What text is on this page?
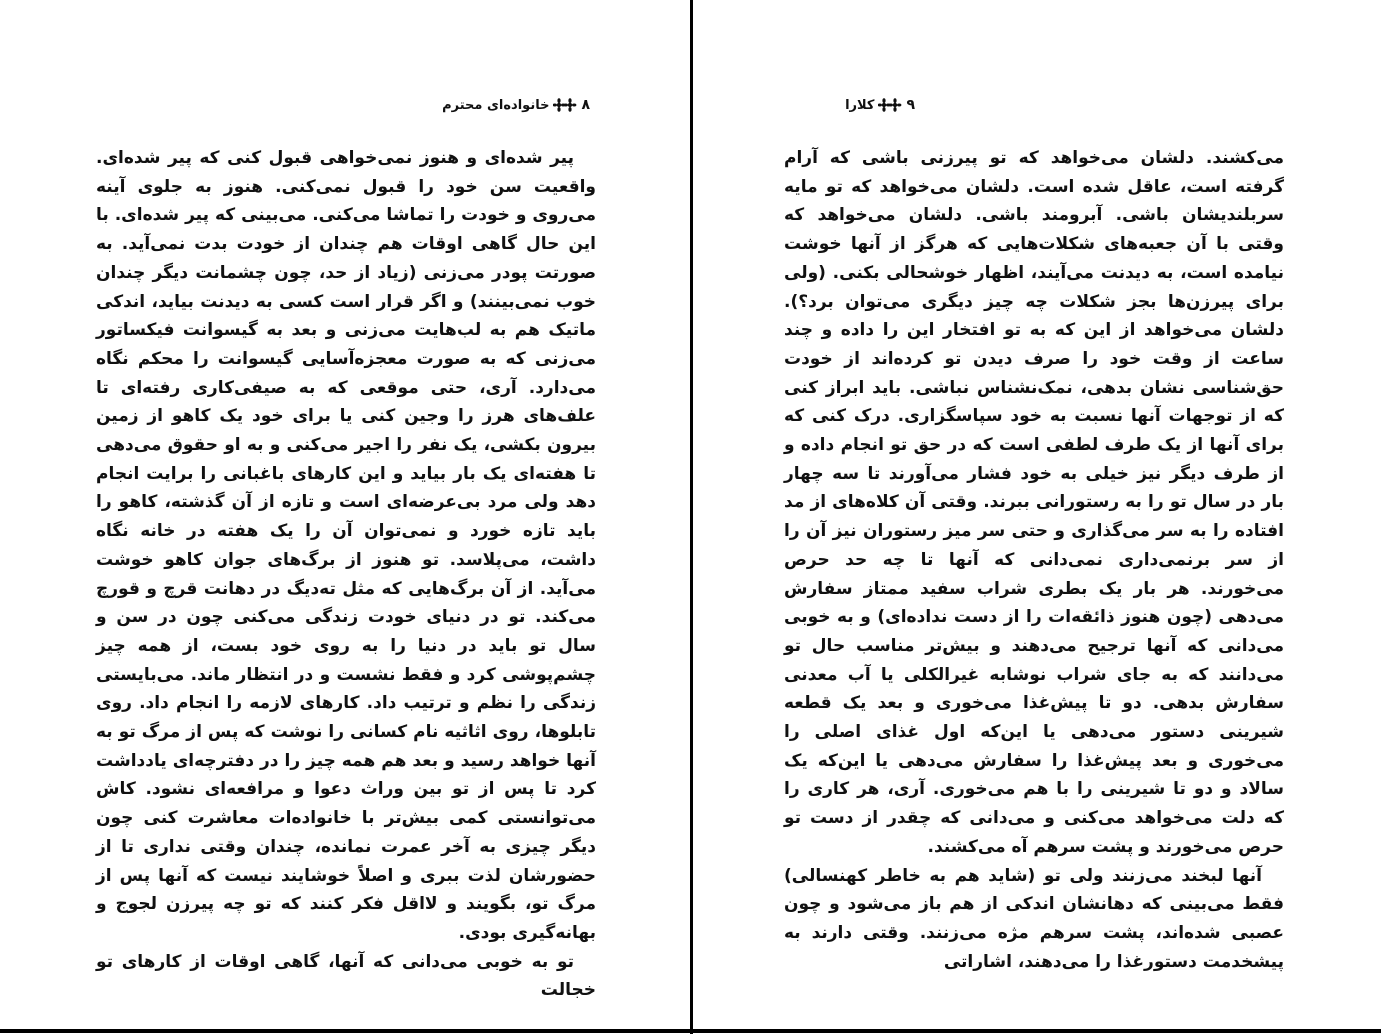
۸
خانواده‌ای محترم

پیر شده‌ای و هنوز نمی‌خواهی قبول کنی که پیر شده‌ای. واقعیت سن خود را قبول نمی‌کنی. هنوز به جلوی آینه می‌روی و خودت را تماشا می‌کنی. می‌بینی که پیر شده‌ای. با این حال گاهی اوقات هم چندان از خودت بدت نمی‌آید. به صورتت پودر می‌زنی (زیاد از حد، چون چشمانت دیگر چندان خوب نمی‌بینند) و اگر قرار است کسی به دیدنت بیاید، اندکی ماتیک هم به لب‌هایت می‌زنی و بعد به گیسوانت فیکساتور می‌زنی که به صورت معجزه‌آسایی گیسوانت را محکم نگاه می‌دارد. آری، حتی موقعی که به صیفی‌کاری رفته‌ای تا علف‌های هرز را وجین کنی یا برای خود یک کاهو از زمین بیرون بکشی، یک نفر را اجیر می‌کنی و به او حقوق می‌دهی تا هفته‌ای یک بار بیاید و این کارهای باغبانی را برایت انجام دهد ولی مرد بی‌عرضه‌ای است و تازه از آن گذشته، کاهو را باید تازه خورد و نمی‌توان آن را یک هفته در خانه نگاه داشت، می‌پلاسد. تو هنوز از برگ‌های جوان کاهو خوشت می‌آید. از آن برگ‌هایی که مثل ته‌دیگ در دهانت قرچ و قورچ می‌کند. تو در دنیای خودت زندگی می‌کنی چون در سن و سال تو باید در دنیا را به روی خود بست، از همه چیز چشم‌پوشی کرد و فقط نشست و در انتظار ماند. می‌بایستی زندگی را نظم و ترتیب داد. کارهای لازمه را انجام داد. روی تابلوها، روی اثاثیه نام کسانی را نوشت که پس از مرگ تو به آنها خواهد رسید و بعد هم همه چیز را در دفترچه‌ای یادداشت کرد تا پس از تو بین وراث دعوا و مرافعه‌ای نشود. کاش می‌توانستی کمی بیش‌تر با خانواده‌ات معاشرت کنی چون دیگر چیزی به آخر عمرت نمانده، چندان وقتی نداری تا از حضورشان لذت ببری و اصلاً خوشایند نیست که آنها پس از مرگ تو، بگویند و لااقل فکر کنند که تو چه پیرزن لجوج و بهانه‌گیری بودی.

تو به خوبی می‌دانی که آنها، گاهی اوقات از کارهای تو خجالت

۹
کلارا

می‌کشند. دلشان می‌خواهد که تو پیرزنی باشی که آرام گرفته است، عاقل شده است. دلشان می‌خواهد که تو مایه سربلندیشان باشی. آبرومند باشی. دلشان می‌خواهد که وقتی با آن جعبه‌های شکلات‌هایی که هرگز از آنها خوشت نیامده است، به دیدنت می‌آیند، اظهار خوشحالی بکنی. (ولی برای پیرزن‌ها بجز شکلات چه چیز دیگری می‌توان برد؟). دلشان می‌خواهد از این که به تو افتخار این را داده و چند ساعت از وقت خود را صرف دیدن تو کرده‌اند از خودت حق‌شناسی نشان بدهی، نمک‌نشناس نباشی. باید ابراز کنی که از توجهات آنها نسبت به خود سپاسگزاری. درک کنی که برای آنها از یک طرف لطفی است که در حق تو انجام داده و از طرف دیگر نیز خیلی به خود فشار می‌آورند تا سه چهار بار در سال تو را به رستورانی ببرند. وقتی آن کلاه‌های از مد افتاده را به سر می‌گذاری و حتی سر میز رستوران نیز آن را از سر برنمی‌داری نمی‌دانی که آنها تا چه حد حرص می‌خورند. هر بار یک بطری شراب سفید ممتاز سفارش می‌دهی (چون هنوز ذائقه‌ات را از دست نداده‌ای) و به خوبی می‌دانی که آنها ترجیح می‌دهند و بیش‌تر مناسب حال تو می‌دانند که به جای شراب نوشابه غیرالکلی یا آب معدنی سفارش بدهی. دو تا پیش‌غذا می‌خوری و بعد یک قطعه شیرینی دستور می‌دهی یا این‌که اول غذای اصلی را می‌خوری و بعد پیش‌غذا را سفارش می‌دهی یا این‌که یک سالاد و دو تا شیرینی را با هم می‌خوری. آری، هر کاری را که دلت می‌خواهد می‌کنی و می‌دانی که چقدر از دست تو حرص می‌خورند و پشت سرهم آه می‌کشند.

آنها لبخند می‌زنند ولی تو (شاید هم به خاطر کهنسالی) فقط می‌بینی که دهانشان اندکی از هم باز می‌شود و چون عصبی شده‌اند، پشت سرهم مژه می‌زنند. وقتی دارند به پیشخدمت دستورغذا را می‌دهند، اشاراتی
